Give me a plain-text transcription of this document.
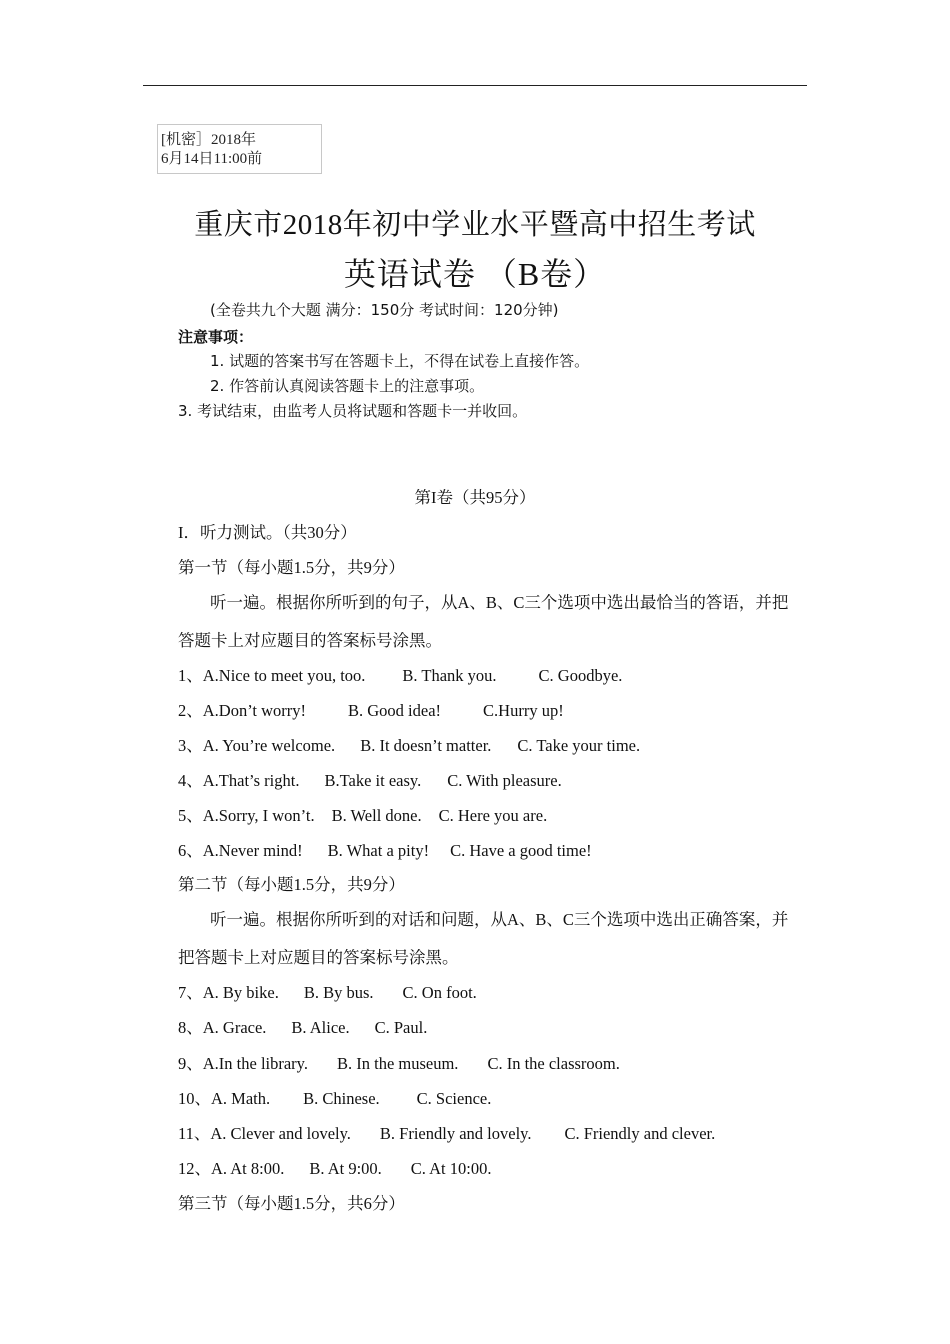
[机密］2018年
6月14日11:00前
重庆市2018年初中学业水平暨高中招生考试
英语试卷 （B卷）
(全卷共九个大题 满分：150分 考试时间：120分钟)
注意事项：
1. 试题的答案书写在答题卡上，不得在试卷上直接作答。
2. 作答前认真阅读答题卡上的注意事项。
3. 考试结束，由监考人员将试题和答题卡一并收回。
第I卷（共95分）
I．听力测试。（共30分）
第一节（每小题1.5分，共9分）
听一遍。根据你所听到的句子，从A、B、C三个选项中选出最恰当的答语，并把
答题卡上对应题目的答案标号涂黑。
1、A.Nice to meet you, too. B. Thank you.	C. Goodbye.
2、A.Don’t worry!	B. Good idea!	C.Hurry up!
3、A. You’re welcome. B. It doesn’t matter. C. Take your time.
4、A.That’s right. B.Take it easy. C. With pleasure.
5、A.Sorry, I won’t. B. Well done. C. Here you are.
6、A.Never mind! B. What a pity! C. Have a good time!
第二节（每小题1.5分，共9分）
听一遍。根据你所听到的对话和问题，从A、B、C三个选项中选出正确答案，并
把答题卡上对应题目的答案标号涂黑。
7、A. By bike. B. By bus. C. On foot.
8、A. Grace. B. Alice. C. Paul.
9、A.In the library. B. In the museum. C. In the classroom.
10、A. Math. B. Chinese. C. Science.
11、A. Clever and lovely. B. Friendly and lovely. C. Friendly and clever.
12、A. At 8:00. B. At 9:00. C. At 10:00.
第三节（每小题1.5分，共6分）
